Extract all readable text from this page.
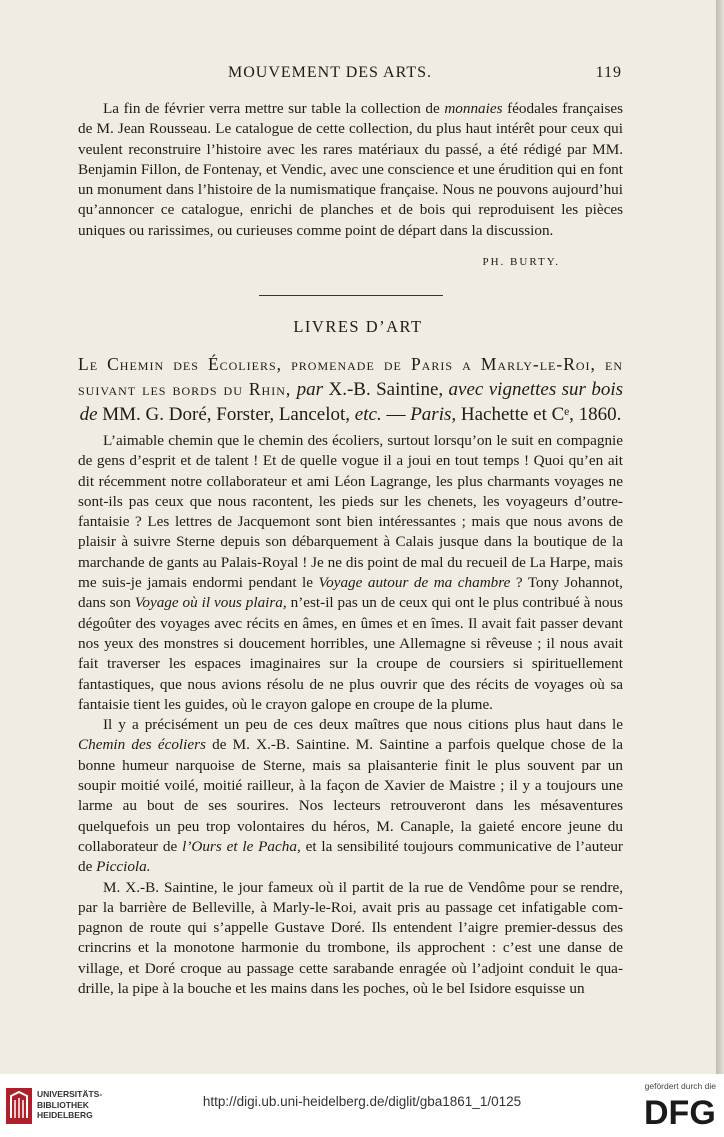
MOUVEMENT DES ARTS.	119

La fin de février verra mettre sur table la collection de monnaies féodales françaises de M. Jean Rousseau. Le catalogue de cette collection, du plus haut intérêt pour ceux qui veulent reconstruire l’histoire avec les rares matériaux du passé, a été rédigé par MM. Benjamin Fillon, de Fontenay, et Vendic, avec une conscience et une érudition qui en font un monument dans l’histoire de la numismatique française. Nous ne pouvons aujourd’hui qu’annoncer ce catalogue, enrichi de planches et de bois qui reproduisent les pièces uniques ou rarissimes, ou curieuses comme point de départ dans la discussion.

PH. BURTY.
LIVRES D’ART
Le Chemin des Écoliers, promenade de Paris a Marly-le-Roi, en suivant les bords du Rhin, par X.-B. Saintine, avec vignettes sur bois de MM. G. Doré, Forster, Lancelot, etc. — Paris, Hachette et Cᵉ, 1860.

L’aimable chemin que le chemin des écoliers, surtout lorsqu’on le suit en compagnie de gens d’esprit et de talent ! Et de quelle vogue il a joui en tout temps ! Quoi qu’en ait dit récemment notre collaborateur et ami Léon Lagrange, les plus charmants voyages ne sont-ils pas ceux que nous racontent, les pieds sur les chenets, les voyageurs d’outre-fantaisie ? Les lettres de Jacquemont sont bien intéressantes ; mais que nous avons de plaisir à suivre Sterne depuis son débarquement à Calais jusque dans la boutique de la marchande de gants au Palais-Royal ! Je ne dis point de mal du recueil de La Harpe, mais me suis-je jamais endormi pendant le Voyage autour de ma chambre ? Tony Johannot, dans son Voyage où il vous plaira, n’est-il pas un de ceux qui ont le plus contribué à nous dégoûter des voyages avec récits en âmes, en ûmes et en îmes. Il avait fait passer devant nos yeux des monstres si doucement horribles, une Allemagne si rêveuse ; il nous avait fait traverser les espaces imaginaires sur la croupe de coursiers si spirituellement fantastiques, que nous avions résolu de ne plus ouvrir que des récits de voyages où sa fantaisie tient les guides, où le crayon galope en croupe de la plume.

Il y a précisément un peu de ces deux maîtres que nous citions plus haut dans le Chemin des écoliers de M. X.-B. Saintine. M. Saintine a parfois quelque chose de la bonne humeur narquoise de Sterne, mais sa plaisanterie finit le plus souvent par un soupir moitié voilé, moitié railleur, à la façon de Xavier de Maistre ; il y a toujours une larme au bout de ses sourires. Nos lecteurs retrouveront dans les mésaventures quelquefois un peu trop volontaires du héros, M. Canaple, la gaieté encore jeune du collaborateur de l’Ours et le Pacha, et la sensibilité toujours communicative de l’auteur de Picciola.

M. X.-B. Saintine, le jour fameux où il partit de la rue de Vendôme pour se rendre, par la barrière de Belleville, à Marly-le-Roi, avait pris au passage cet infatigable compagnon de route qui s’appelle Gustave Doré. Ils entendent l’aigre premier-dessus des crincrins et la monotone harmonie du trombone, ils approchent : c’est une danse de village, et Doré croque au passage cette sarabande enragée où l’adjoint conduit le quadrille, la pipe à la bouche et les mains dans les poches, où le bel Isidore esquisse un

UNIVERSITÄTS-
BIBLIOTHEK
HEIDELBERG
http://digi.ub.uni-heidelberg.de/diglit/gba1861_1/0125
gefördert durch die
DFG
